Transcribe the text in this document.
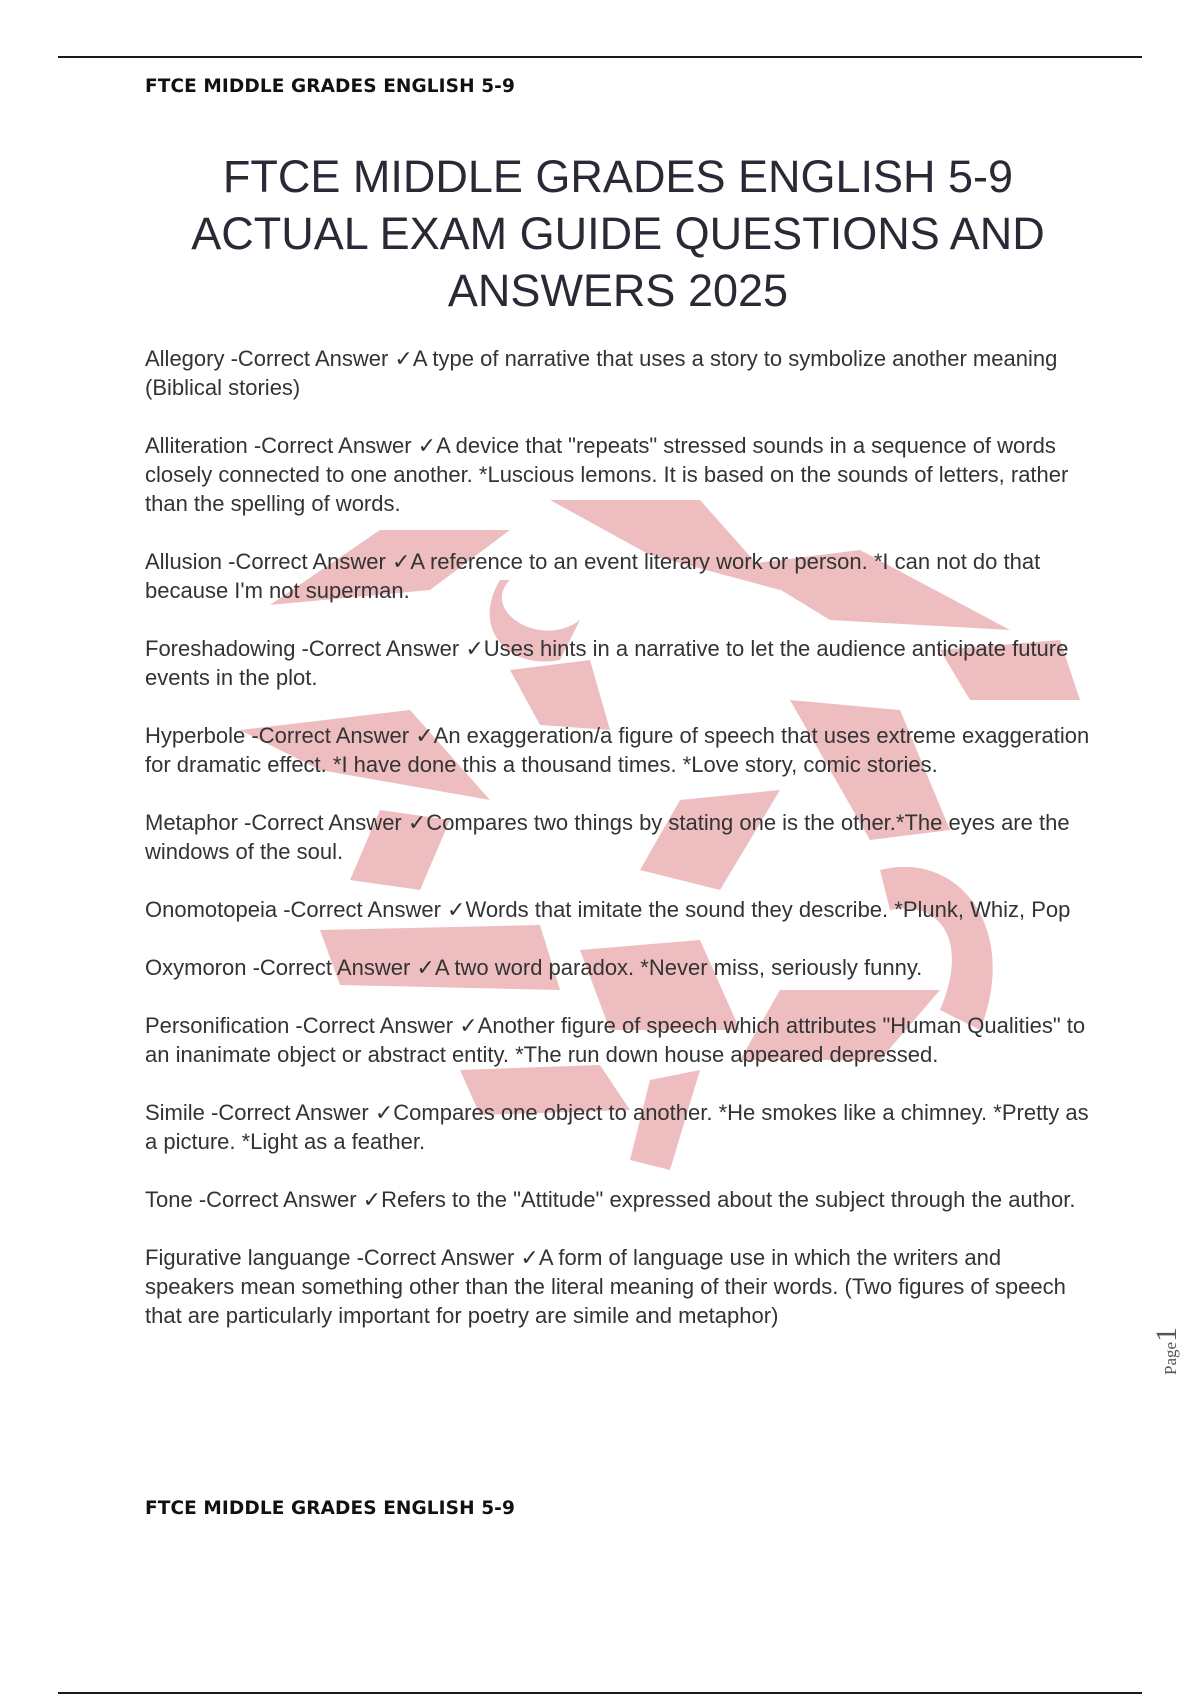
FTCE MIDDLE GRADES ENGLISH 5-9
FTCE MIDDLE GRADES ENGLISH 5-9
ACTUAL EXAM GUIDE QUESTIONS AND
ANSWERS 2025

Allegory -Correct Answer ✓A type of narrative that uses a story to symbolize another meaning (Biblical stories)

Alliteration -Correct Answer ✓A device that "repeats" stressed sounds in a sequence of words closely connected to one another. *Luscious lemons. It is based on the sounds of letters, rather than the spelling of words.

Allusion -Correct Answer ✓A reference to an event literary work or person. *I can not do that because I'm not superman.

Foreshadowing -Correct Answer ✓Uses hints in a narrative to let the audience anticipate future events in the plot.

Hyperbole -Correct Answer ✓An exaggeration/a figure of speech that uses extreme exaggeration for dramatic effect. *I have done this a thousand times. *Love story, comic stories.

Metaphor -Correct Answer ✓Compares two things by stating one is the other.*The eyes are the windows of the soul.

Onomotopeia -Correct Answer ✓Words that imitate the sound they describe. *Plunk, Whiz, Pop

Oxymoron -Correct Answer ✓A two word paradox. *Never miss, seriously funny.

Personification -Correct Answer ✓Another figure of speech which attributes "Human Qualities" to an inanimate object or abstract entity. *The run down house appeared depressed.

Simile -Correct Answer ✓Compares one object to another. *He smokes like a chimney. *Pretty as a picture. *Light as a feather.

Tone -Correct Answer ✓Refers to the "Attitude" expressed about the subject through the author.

Figurative languange -Correct Answer ✓A form of language use in which the writers and speakers mean something other than the literal meaning of their words. (Two figures of speech that are particularly important for poetry are simile and metaphor)

FTCE MIDDLE GRADES ENGLISH 5-9
Page1
